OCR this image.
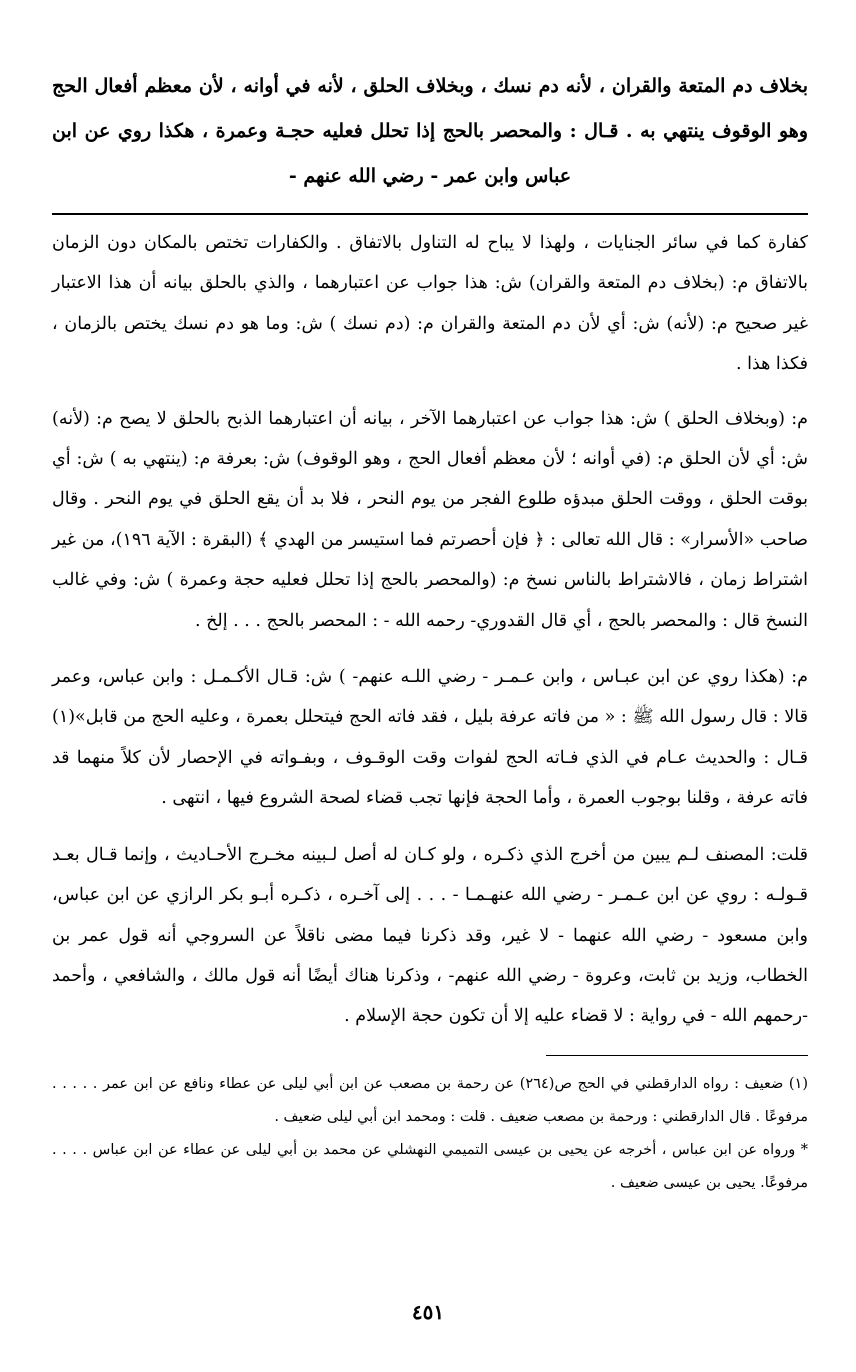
بخلاف دم المتعة والقران ، لأنه دم نسك ، وبخلاف الحلق ، لأنه في أوانه ، لأن معظم أفعال الحج وهو الوقوف ينتهي به . قـال : والمحصر بالحج إذا تحلل فعليه حجـة وعمرة ، هكذا روي عن ابن عباس وابن عمر - رضي الله عنهم -

كفارة كما في سائر الجنايات ، ولهذا لا يباح له التناول بالاتفاق . والكفارات تختص بالمكان دون الزمان بالاتفاق م: (بخلاف دم المتعة والقران) ش: هذا جواب عن اعتبارهما ، والذي بالحلق بيانه أن هذا الاعتبار غير صحيح م: (لأنه) ش: أي لأن دم المتعة والقران م: (دم نسك ) ش: وما هو دم نسك يختص بالزمان ، فكذا هذا .

م: (وبخلاف الحلق ) ش: هذا جواب عن اعتبارهما الآخر ، بيانه أن اعتبارهما الذبح بالحلق لا يصح م: (لأنه) ش: أي لأن الحلق م: (في أوانه ؛ لأن معظم أفعال الحج ، وهو الوقوف) ش: بعرفة م: (ينتهي به ) ش: أي بوقت الحلق ، ووقت الحلق مبدؤه طلوع الفجر من يوم النحر ، فلا بد أن يقع الحلق في يوم النحر . وقال صاحب «الأسرار» : قال الله تعالى : ﴿ فإن أحصرتم فما استيسر من الهدي ﴾ (البقرة : الآية ١٩٦)، من غير اشتراط زمان ، فالاشتراط بالناس نسخ م: (والمحصر بالحج إذا تحلل فعليه حجة وعمرة ) ش: وفي غالب النسخ قال : والمحصر بالحج ، أي قال القدوري- رحمه الله - : المحصر بالحج . . . إلخ .

م: (هكذا روي عن ابن عبـاس ، وابن عـمـر - رضي اللـه عنهم- ) ش: قـال الأكـمـل : وابن عباس، وعمر قالا : قال رسول الله ﷺ : « من فاته عرفة بليل ، فقد فاته الحج فيتحلل بعمرة ، وعليه الحج من قابل»(١) قـال : والحديث عـام في الذي فـاته الحج لفوات وقت الوقـوف ، وبفـواته في الإحصار لأن كلاً منهما قد فاته عرفة ، وقلنا بوجوب العمرة ، وأما الحجة فإنها تجب قضاء لصحة الشروع فيها ، انتهى .

قلت: المصنف لـم يبين من أخرج الذي ذكـره ، ولو كـان له أصل لـبينه مخـرج الأحـاديث ، وإنما قـال بعـد قـولـه : روي عن ابن عـمـر - رضي الله عنهـمـا - . . . إلى آخـره ، ذكـره أبـو بكر الرازي عن ابن عباس، وابن مسعود - رضي الله عنهما - لا غير، وقد ذكرنا فيما مضى ناقلاً عن السروجي أنه قول عمر بن الخطاب، وزيد بن ثابت، وعروة - رضي الله عنهم- ، وذكرنا هناك أيضًا أنه قول مالك ، والشافعي ، وأحمد -رحمهم الله - في رواية : لا قضاء عليه إلا أن تكون حجة الإسلام .

(١) ضعيف : رواه الدارقطني في الحج ص(٢٦٤) عن رحمة بن مصعب عن ابن أبي ليلى عن عطاء ونافع عن ابن عمر . . . . . مرفوعًا . قال الدارقطني : ورحمة بن مصعب ضعيف . قلت : ومحمد ابن أبي ليلى ضعيف .

* ورواه عن ابن عباس ، أخرجه عن يحيى بن عيسى التميمي النهشلي عن محمد بن أبي ليلى عن عطاء عن ابن عباس . . . . مرفوعًا. يحيى بن عيسى ضعيف .

٤٥١
